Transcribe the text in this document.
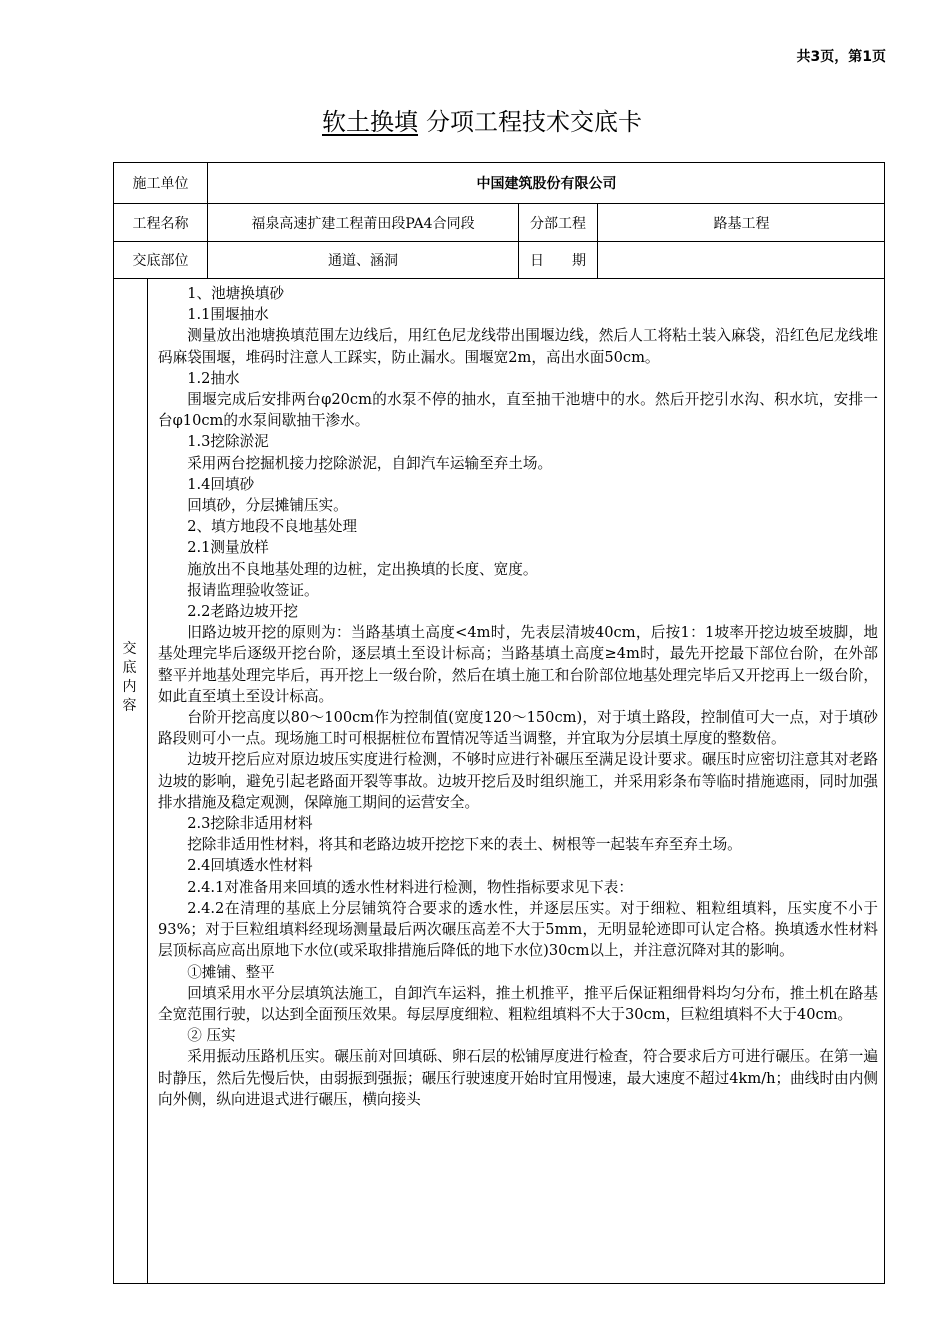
共3页，第1页
软土换填 分项工程技术交底卡
施工单位	中国建筑股份有限公司
工程名称	福泉高速扩建工程莆田段PA4合同段	分部工程	路基工程
交底部位	通道、涵洞	日　　期
交
底
内
容

1、池塘换填砂

1.1围堰抽水

测量放出池塘换填范围左边线后，用红色尼龙线带出围堰边线，然后人工将粘土装入麻袋，沿红色尼龙线堆码麻袋围堰，堆码时注意人工踩实，防止漏水。围堰宽2m，高出水面50cm。

1.2抽水

围堰完成后安排两台φ20cm的水泵不停的抽水，直至抽干池塘中的水。然后开挖引水沟、积水坑，安排一台φ10cm的水泵间歇抽干渗水。

1.3挖除淤泥

采用两台挖掘机接力挖除淤泥，自卸汽车运输至弃土场。

1.4回填砂

回填砂，分层摊铺压实。

2、填方地段不良地基处理

2.1测量放样

施放出不良地基处理的边桩，定出换填的长度、宽度。

报请监理验收签证。

2.2老路边坡开挖

旧路边坡开挖的原则为：当路基填土高度<4m时，先表层清坡40cm，后按1：1坡率开挖边坡至坡脚，地基处理完毕后逐级开挖台阶，逐层填土至设计标高；当路基填土高度≥4m时，最先开挖最下部位台阶，在外部整平并地基处理完毕后，再开挖上一级台阶，然后在填土施工和台阶部位地基处理完毕后又开挖再上一级台阶，如此直至填土至设计标高。

台阶开挖高度以80～100cm作为控制值(宽度120～150cm)，对于填土路段，控制值可大一点，对于填砂路段则可小一点。现场施工时可根据桩位布置情况等适当调整，并宜取为分层填土厚度的整数倍。

边坡开挖后应对原边坡压实度进行检测，不够时应进行补碾压至满足设计要求。碾压时应密切注意其对老路边坡的影响，避免引起老路面开裂等事故。边坡开挖后及时组织施工，并采用彩条布等临时措施遮雨，同时加强排水措施及稳定观测，保障施工期间的运营安全。

2.3挖除非适用材料

挖除非适用性材料，将其和老路边坡开挖挖下来的表土、树根等一起装车弃至弃土场。

2.4回填透水性材料

2.4.1对准备用来回填的透水性材料进行检测，物性指标要求见下表：

2.4.2在清理的基底上分层铺筑符合要求的透水性，并逐层压实。对于细粒、粗粒组填料，压实度不小于93%；对于巨粒组填料经现场测量最后两次碾压高差不大于5mm，无明显轮迹即可认定合格。换填透水性材料层顶标高应高出原地下水位(或采取排措施后降低的地下水位)30cm以上，并注意沉降对其的影响。

①摊铺、整平

回填采用水平分层填筑法施工，自卸汽车运料，推土机推平，推平后保证粗细骨料均匀分布，推土机在路基全宽范围行驶，以达到全面预压效果。每层厚度细粒、粗粒组填料不大于30cm，巨粒组填料不大于40cm。

② 压实

采用振动压路机压实。碾压前对回填砾、卵石层的松铺厚度进行检查，符合要求后方可进行碾压。在第一遍时静压，然后先慢后快，由弱振到强振；碾压行驶速度开始时宜用慢速，最大速度不超过4km/h；曲线时由内侧向外侧，纵向进退式进行碾压，横向接头
